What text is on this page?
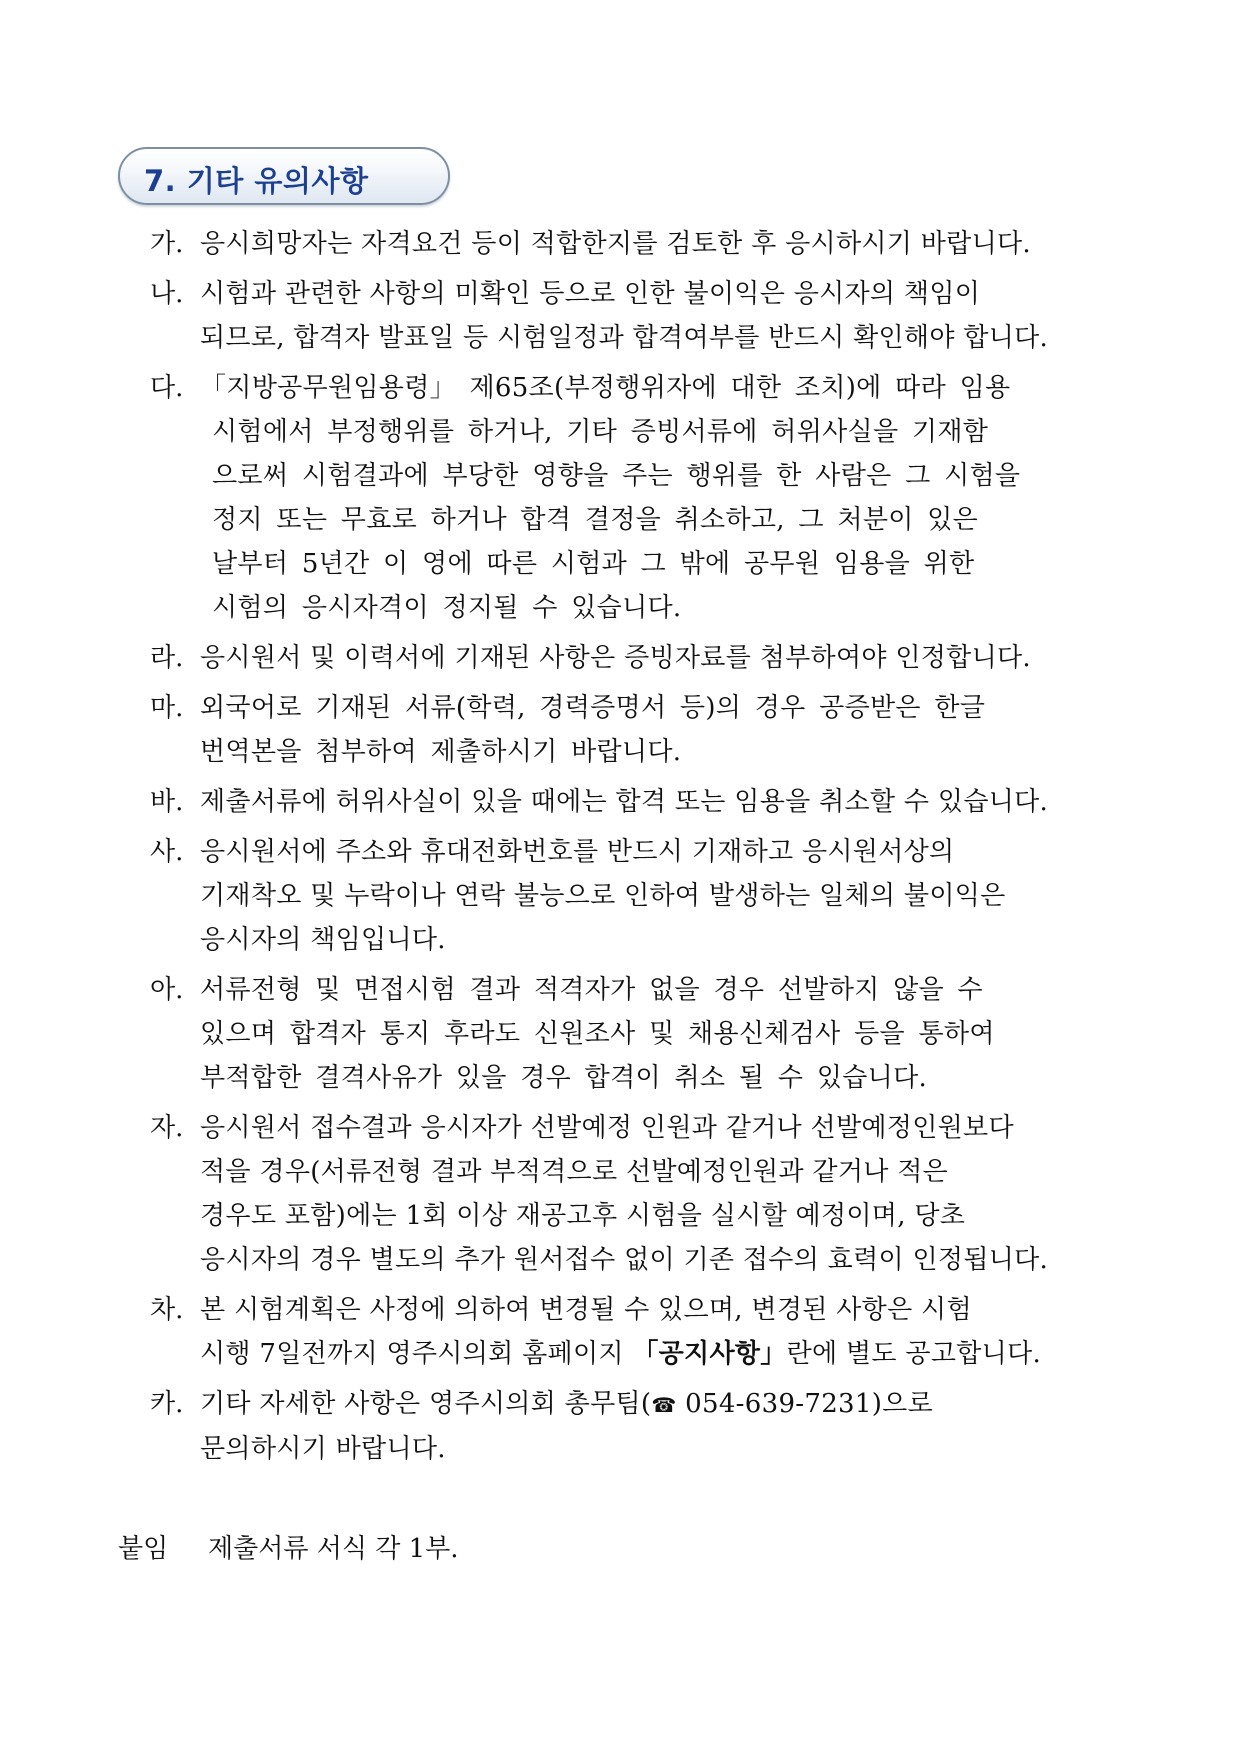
7. 기타 유의사항
가. 응시희망자는 자격요건 등이 적합한지를 검토한 후 응시하시기 바랍니다.
나. 시험과 관련한 사항의 미확인 등으로 인한 불이익은 응시자의 책임이
되므로, 합격자 발표일 등 시험일정과 합격여부를 반드시 확인해야 합니다.
다. 「지방공무원임용령」 제65조(부정행위자에 대한 조치)에 따라 임용
시험에서 부정행위를 하거나, 기타 증빙서류에 허위사실을 기재함
으로써 시험결과에 부당한 영향을 주는 행위를 한 사람은 그 시험을
정지 또는 무효로 하거나 합격 결정을 취소하고, 그 처분이 있은
날부터 5년간 이 영에 따른 시험과 그 밖에 공무원 임용을 위한
시험의 응시자격이 정지될 수 있습니다.
라. 응시원서 및 이력서에 기재된 사항은 증빙자료를 첨부하여야 인정합니다.
마. 외국어로 기재된 서류(학력, 경력증명서 등)의 경우 공증받은 한글
번역본을 첨부하여 제출하시기 바랍니다.
바. 제출서류에 허위사실이 있을 때에는 합격 또는 임용을 취소할 수 있습니다.
사. 응시원서에 주소와 휴대전화번호를 반드시 기재하고 응시원서상의
기재착오 및 누락이나 연락 불능으로 인하여 발생하는 일체의 불이익은
응시자의 책임입니다.
아. 서류전형 및 면접시험 결과 적격자가 없을 경우 선발하지 않을 수
있으며 합격자 통지 후라도 신원조사 및 채용신체검사 등을 통하여
부적합한 결격사유가 있을 경우 합격이 취소 될 수 있습니다.
자. 응시원서 접수결과 응시자가 선발예정 인원과 같거나 선발예정인원보다
적을 경우(서류전형 결과 부적격으로 선발예정인원과 같거나 적은
경우도 포함)에는 1회 이상 재공고후 시험을 실시할 예정이며, 당초
응시자의 경우 별도의 추가 원서접수 없이 기존 접수의 효력이 인정됩니다.
차. 본 시험계획은 사정에 의하여 변경될 수 있으며, 변경된 사항은 시험
시행 7일전까지 영주시의회 홈페이지 「공지사항」란에 별도 공고합니다.
카. 기타 자세한 사항은 영주시의회 총무팀(☎ 054-639-7231)으로
문의하시기 바랍니다.
붙임 제출서류 서식 각 1부.
